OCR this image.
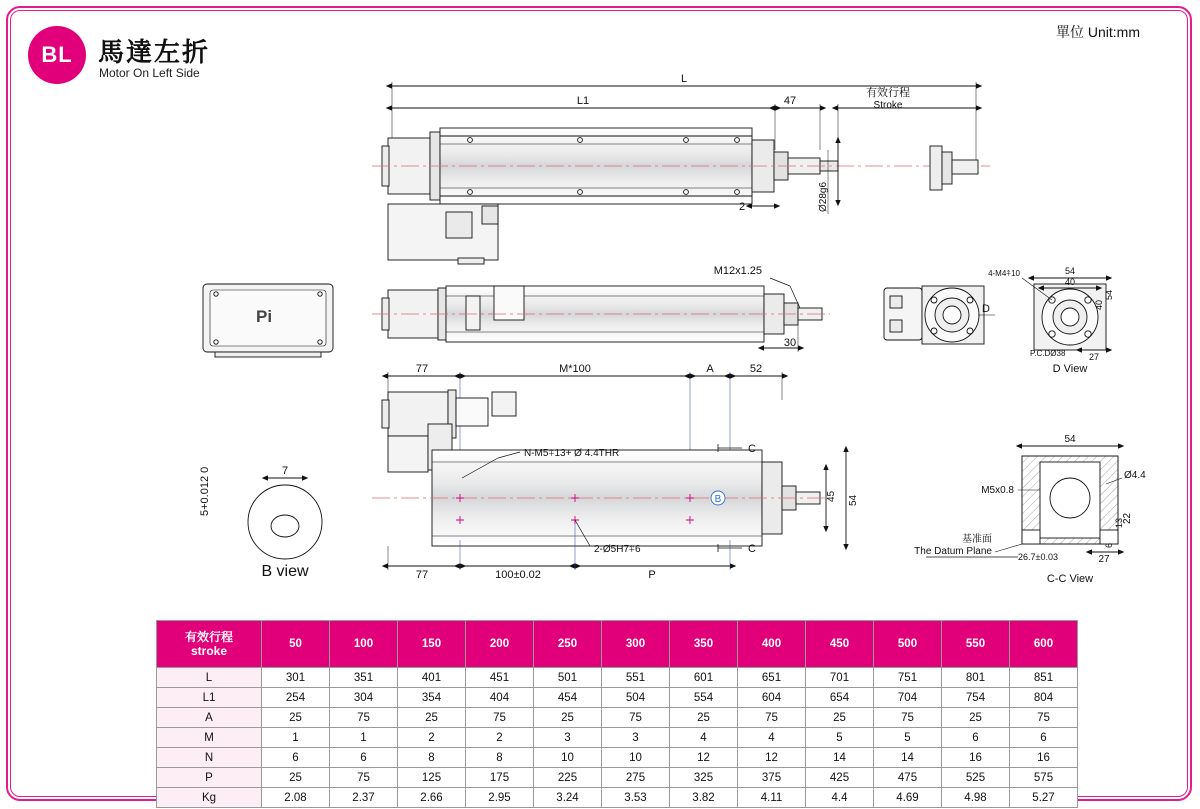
BL 馬達左折
Motor On Left Side
單位 Unit:mm
L
L1	47
有效行程
Stroke
Ø28g6
2
Pi
M12x1.25
30
D
54
40
27
54
40
4-M4⍏10
P.C.DØ38
D View
77	M*100	A	52
B
N-M5⍏13+ Ø 4.4THR
2-Ø5H7⍏6
C
C
45 54
77	100±0.02	P
7
5+0.012 0
B view
54
Ø4.4
M5x0.8
22
13
6
26.7±0.03	27
基准面
The Datum Plane
C-C View
有效行程
stroke	50	100	150	200	250	300	350	400	450	500	550	600
L	301	351	401	451	501	551	601	651	701	751	801	851
L1	254	304	354	404	454	504	554	604	654	704	754	804
A	25	75	25	75	25	75	25	75	25	75	25	75
M	1	1	2	2	3	3	4	4	5	5	6	6
N	6	6	8	8	10	10	12	12	14	14	16	16
P	25	75	125	175	225	275	325	375	425	475	525	575
Kg	2.08	2.37	2.66	2.95	3.24	3.53	3.82	4.11	4.4	4.69	4.98	5.27
